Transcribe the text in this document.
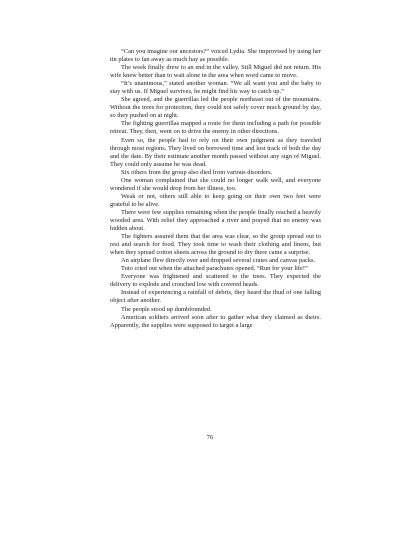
“Can you imagine our ancestors?” voiced Lydia. She improvised by using her tin plates to fan away as much hay as possible.

The week finally drew to an end in the valley. Still Miguel did not return. His wife knew better than to wait alone in the area when word came to move.

“It’s unanimous,” stated another woman. “We all want you and the baby to stay with us. If Miguel survives, he might find his way to catch up.”

She agreed, and the guerrillas led the people northeast out of the mountains. Without the trees for protection, they could not safely cover much ground by day, so they pushed on at night.

The fighting guerrillas mapped a route for them including a path for possible retreat. They, then, went on to drive the enemy in other directions.

Even so, the people had to rely on their own judgment as they traveled through most regions. They lived on borrowed time and lost track of both the day and the date. By their estimate another month passed without any sign of Miguel. They could only assume he was dead.

Six others from the group also died from various disorders.

One woman complained that she could no longer walk well, and everyone wondered if she would drop from her illness, too.

Weak or not, others still able to keep going on their own two feet were grateful to be alive.

There were few supplies remaining when the people finally reached a heavily wooded area. With relief they approached a river and prayed that no enemy was hidden about.

The fighters assured them that the area was clear, so the group spread out to rest and search for food. They took time to wash their clothing and linens, but when they spread cotton sheets across the ground to dry there came a surprise.

An airplane flew directly over and dropped several crates and canvas packs.

Tuto cried out when the attached parachutes opened. “Run for your life!”

Everyone was frightened and scattered to the trees. They expected the delivery to explode and crouched low with covered heads.

Instead of experiencing a rainfall of debris, they heard the thud of one falling object after another.

The people stood up dumbfounded.

American soldiers arrived soon after to gather what they claimed as theirs. Apparently, the supplies were supposed to target a large

76
